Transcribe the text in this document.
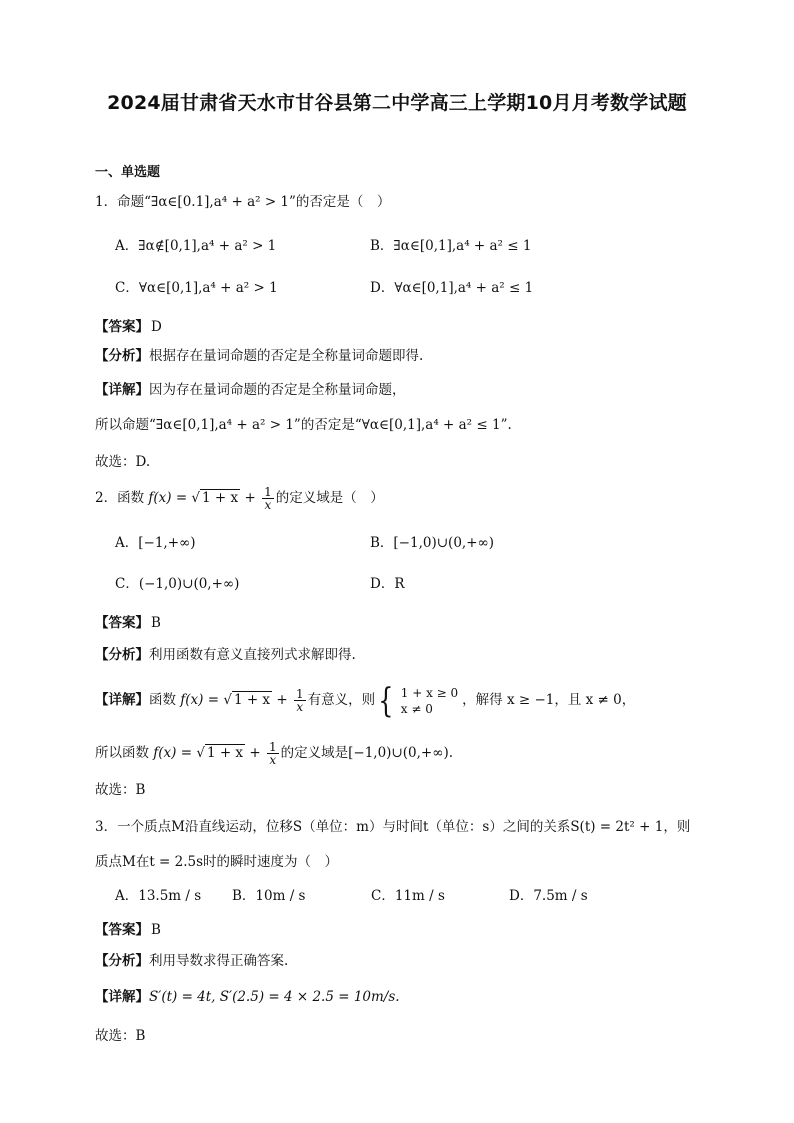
2024届甘肃省天水市甘谷县第二中学高三上学期10月月考数学试题
一、单选题
1．命题“∃α∈[0.1],a⁴ + a² > 1”的否定是（　）
A．∃α∉[0,1],a⁴ + a² > 1	B．∃α∈[0,1],a⁴ + a² ≤ 1
C．∀α∈[0,1],a⁴ + a² > 1	D．∀α∈[0,1],a⁴ + a² ≤ 1
【答案】 D
【分析】根据存在量词命题的否定是全称量词命题即得.
【详解】因为存在量词命题的否定是全称量词命题，
所以命题“∃α∈[0,1],a⁴ + a² > 1”的否定是“∀α∈[0,1],a⁴ + a² ≤ 1”.
故选：D.
2．函数 f(x) = √ $1 + x + \frac{1}{x}$ 的定义域是（　）
A．[−1,+∞)	B．[−1,0)∪(0,+∞)
C．(−1,0)∪(0,+∞)	D．R
【答案】 B
【分析】利用函数有意义直接列式求解即得.
【详解】函数 f(x) = √ $1 + x + \frac{1}{x}$ 有意义，则{ 1 + x ≥ 0
x ≠ 0
，解得 x ≥ −1，且 x ≠ 0，
所以函数 f(x) = √ $1 + x + \frac{1}{x}$ 的定义域是[−1,0)∪(0,+∞).
故选：B
3．一个质点M沿直线运动，位移S（单位：m）与时间t（单位：s）之间的关系S(t) = 2t² + 1，则
质点M在t = 2.5s时的瞬时速度为（　）
A．13.5m / s B．10m / s	C．11m / s	D．7.5m / s
【答案】 B
【分析】利用导数求得正确答案.
【详解】S′(t) = 4t, S′(2.5) = 4 × 2.5 = 10m/s.
故选：B
